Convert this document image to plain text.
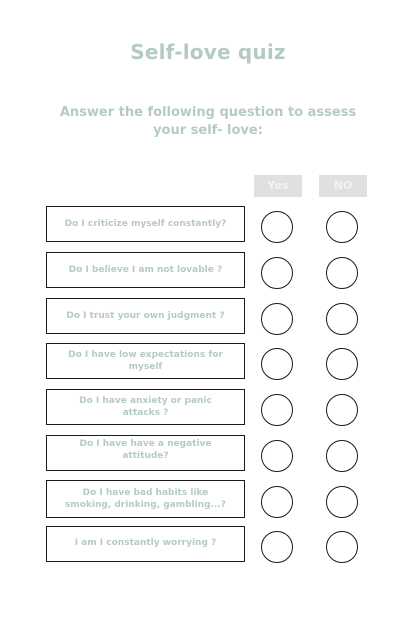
Self-love quiz
Answer the following question to assess your self- love:
Yes	NO
Do I criticize myself constantly?
Do I believe I am not lovable ?
Do I trust your own judgment ?
Do I have low expectations for myself
Do I have anxiety or panic attacks ?
Do I have have a negative attitude?
Do I have bad habits like smoking, drinking, gambling...?
I am I constantly worrying ?
